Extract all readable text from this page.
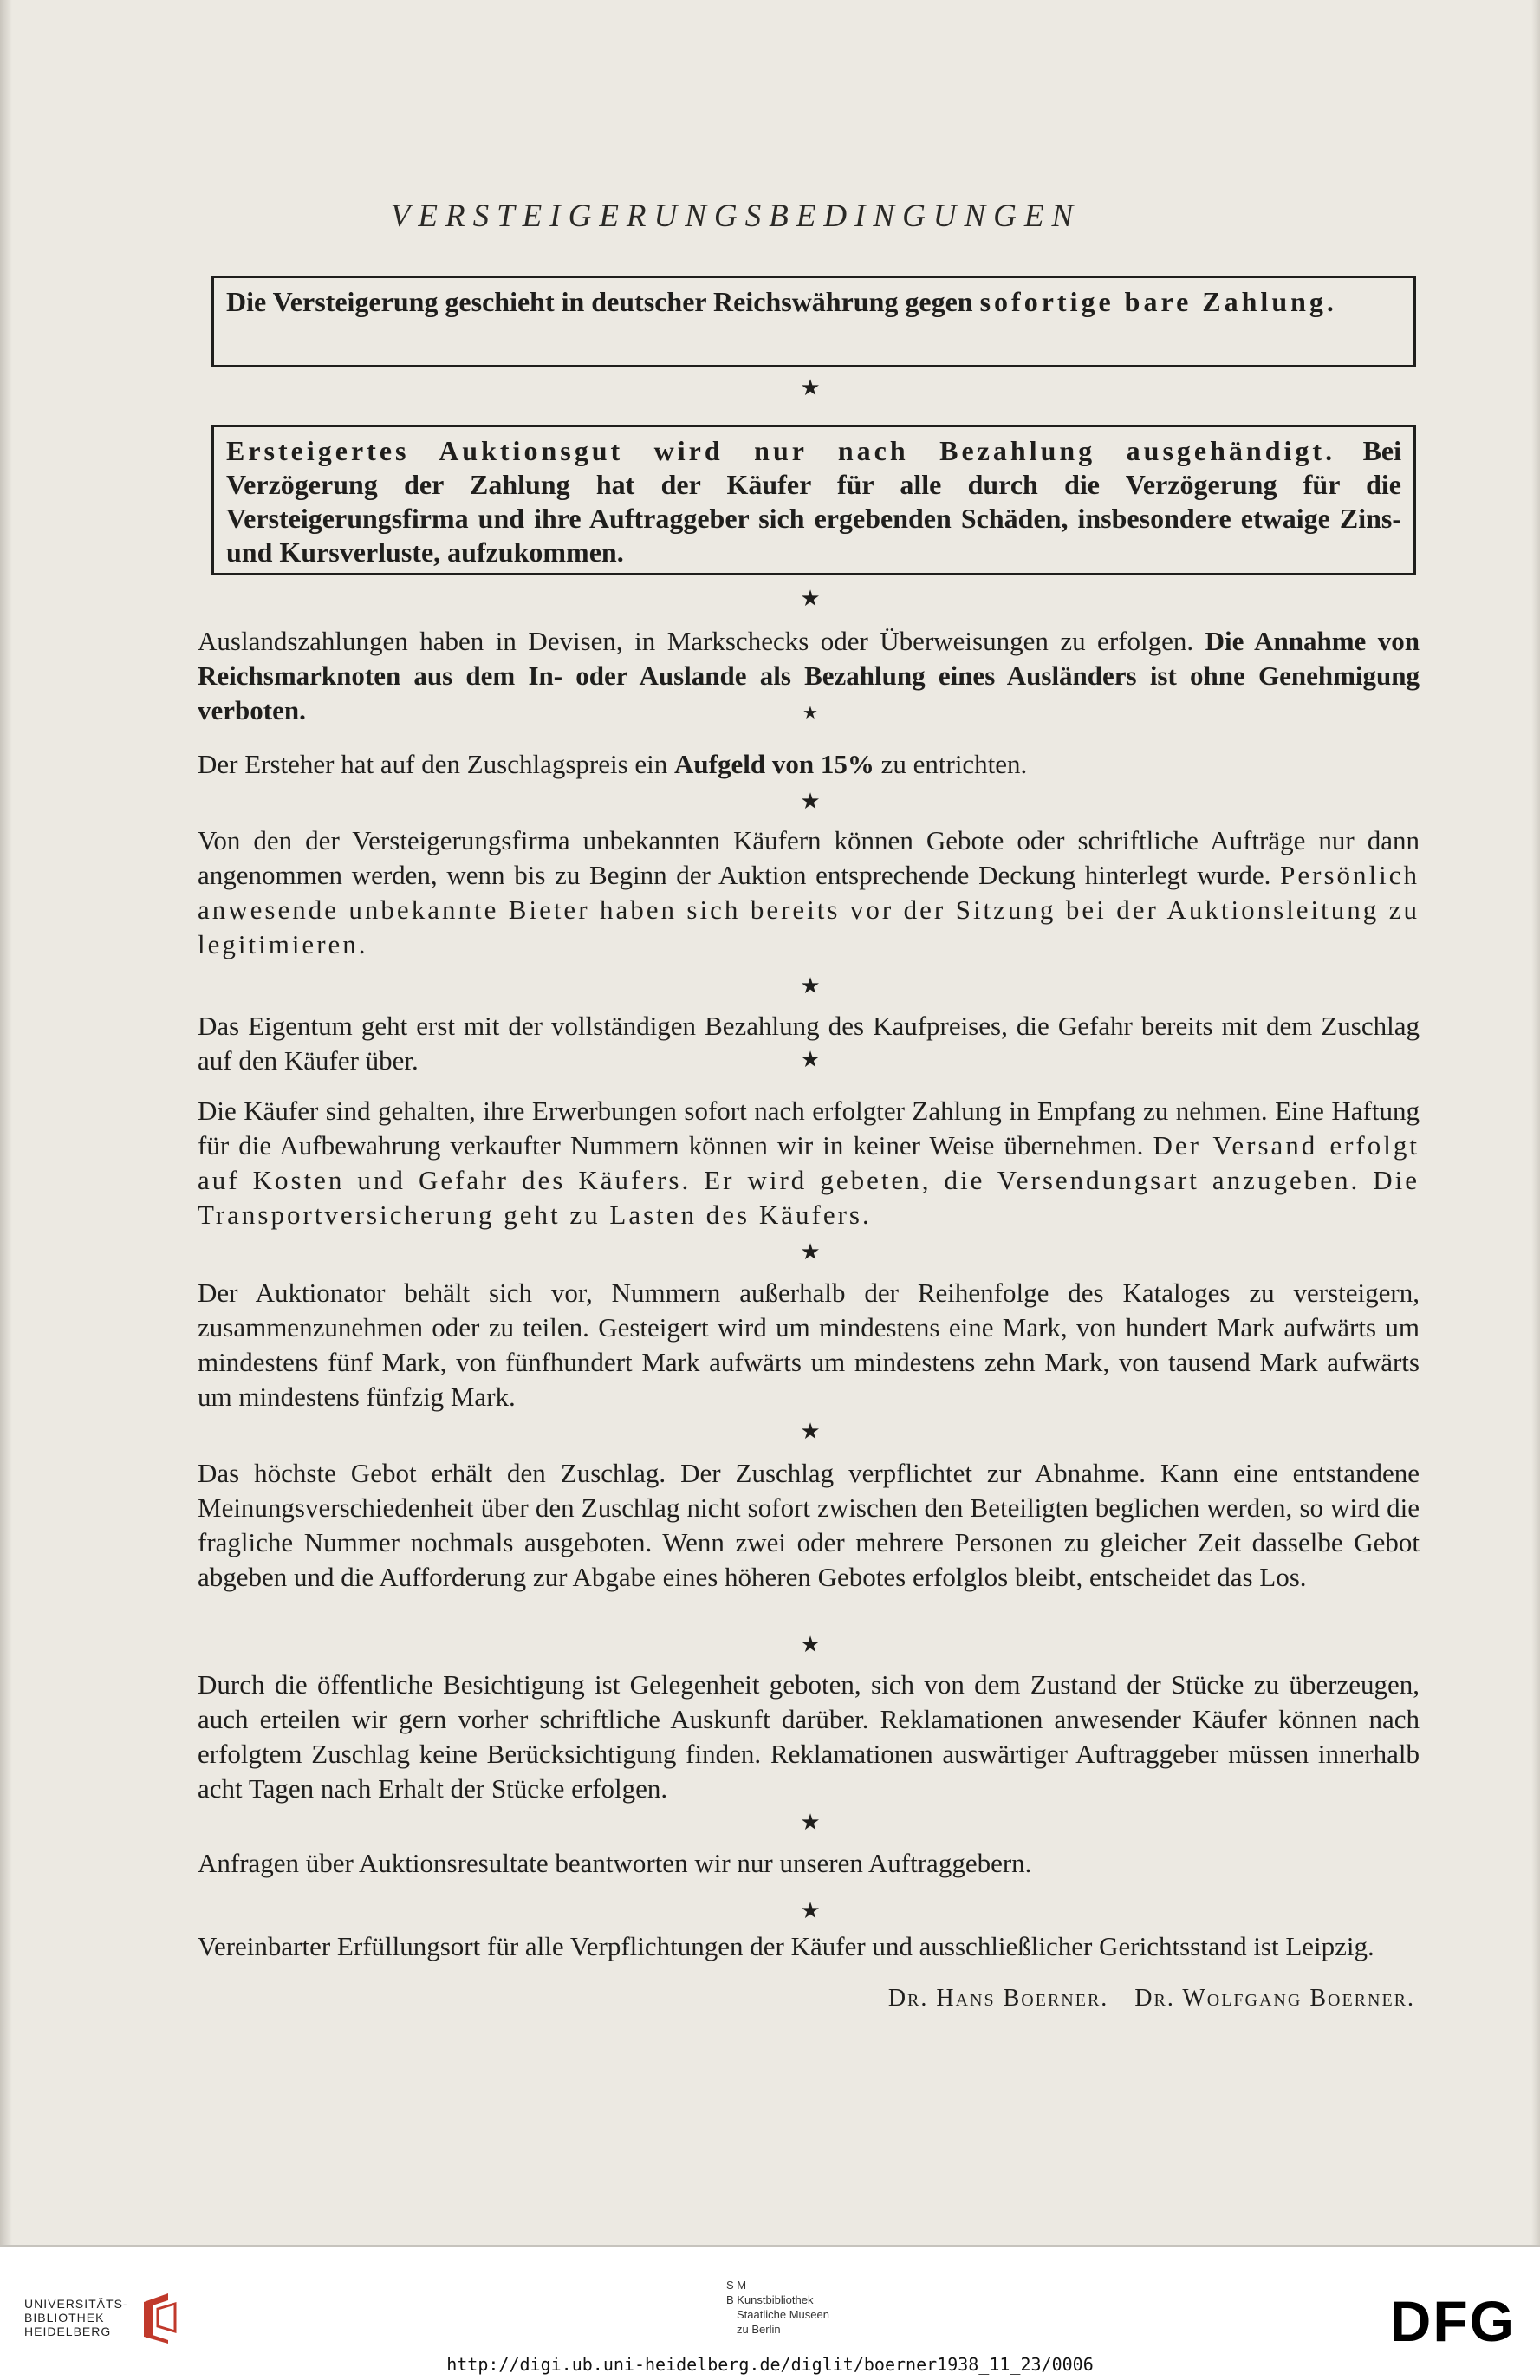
VERSTEIGERUNGSBEDINGUNGEN

Die Versteigerung geschieht in deutscher Reichswährung gegen sofortige bare Zahlung.

★

Ersteigertes Auktionsgut wird nur nach Bezahlung ausgehändigt. Bei Verzögerung der Zahlung hat der Käufer für alle durch die Verzögerung für die Versteigerungsfirma und ihre Auftraggeber sich ergebenden Schäden, insbesondere etwaige Zins- und Kursverluste, aufzukommen.

★

Auslandszahlungen haben in Devisen, in Markschecks oder Überweisungen zu erfolgen. Die Annahme von Reichsmarknoten aus dem In- oder Auslande als Bezahlung eines Ausländers ist ohne Genehmigung verboten.	★

Der Ersteher hat auf den Zuschlagspreis ein Aufgeld von 15% zu entrichten.

★

Von den der Versteigerungsfirma unbekannten Käufern können Gebote oder schriftliche Aufträge nur dann angenommen werden, wenn bis zu Beginn der Auktion entsprechende Deckung hinterlegt wurde. Persönlich anwesende unbekannte Bieter haben sich bereits vor der Sitzung bei der Auktionsleitung zu legitimieren.

★

Das Eigentum geht erst mit der vollständigen Bezahlung des Kaufpreises, die Gefahr bereits mit dem Zuschlag auf den Käufer über.	★

Die Käufer sind gehalten, ihre Erwerbungen sofort nach erfolgter Zahlung in Empfang zu nehmen. Eine Haftung für die Aufbewahrung verkaufter Nummern können wir in keiner Weise übernehmen. Der Versand erfolgt auf Kosten und Gefahr des Käufers. Er wird gebeten, die Versendungsart anzugeben. Die Transportversicherung geht zu Lasten des Käufers.

★

Der Auktionator behält sich vor, Nummern außerhalb der Reihenfolge des Kataloges zu versteigern, zusammenzunehmen oder zu teilen. Gesteigert wird um mindestens eine Mark, von hundert Mark aufwärts um mindestens fünf Mark, von fünfhundert Mark aufwärts um mindestens zehn Mark, von tausend Mark aufwärts um mindestens fünfzig Mark.

★

Das höchste Gebot erhält den Zuschlag. Der Zuschlag verpflichtet zur Abnahme. Kann eine entstandene Meinungsverschiedenheit über den Zuschlag nicht sofort zwischen den Beteiligten beglichen werden, so wird die fragliche Nummer nochmals ausgeboten. Wenn zwei oder mehrere Personen zu gleicher Zeit dasselbe Gebot abgeben und die Aufforderung zur Abgabe eines höheren Gebotes erfolglos bleibt, entscheidet das Los.

★

Durch die öffentliche Besichtigung ist Gelegenheit geboten, sich von dem Zustand der Stücke zu überzeugen, auch erteilen wir gern vorher schriftliche Auskunft darüber. Reklamationen anwesender Käufer können nach erfolgtem Zuschlag keine Berücksichtigung finden. Reklamationen auswärtiger Auftraggeber müssen innerhalb acht Tagen nach Erhalt der Stücke erfolgen.

★

Anfragen über Auktionsresultate beantworten wir nur unseren Auftraggebern.

★

Vereinbarter Erfüllungsort für alle Verpflichtungen der Käufer und ausschließlicher Gerichtsstand ist Leipzig.

Dr. Hans Boerner. Dr. Wolfgang Boerner.
UNIVERSITÄTS-
BIBLIOTHEK
HEIDELBERG
S M
B Kunstbibliothek
Staatliche Museen
zu Berlin	DFG
http://digi.ub.uni-heidelberg.de/diglit/boerner1938_11_23/0006
